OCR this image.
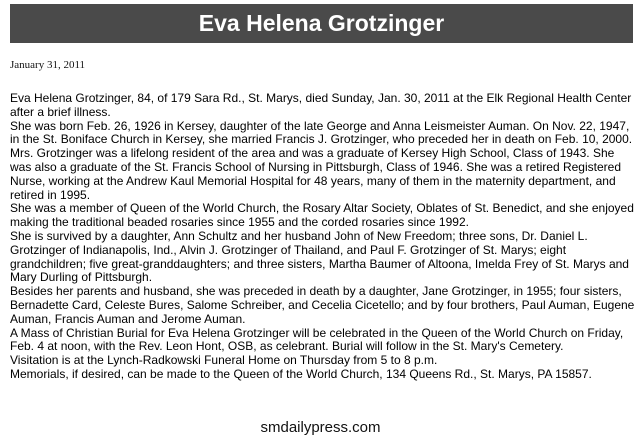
Eva Helena Grotzinger
January 31, 2011

Eva Helena Grotzinger, 84, of 179 Sara Rd., St. Marys, died Sunday, Jan. 30, 2011 at the Elk Regional Health Center after a brief illness.

She was born Feb. 26, 1926 in Kersey, daughter of the late George and Anna Leismeister Auman. On Nov. 22, 1947, in the St. Boniface Church in Kersey, she married Francis J. Grotzinger, who preceded her in death on Feb. 10, 2000.

Mrs. Grotzinger was a lifelong resident of the area and was a graduate of Kersey High School, Class of 1943. She was also a graduate of the St. Francis School of Nursing in Pittsburgh, Class of 1946. She was a retired Registered Nurse, working at the Andrew Kaul Memorial Hospital for 48 years, many of them in the maternity department, and retired in 1995.

She was a member of Queen of the World Church, the Rosary Altar Society, Oblates of St. Benedict, and she enjoyed making the traditional beaded rosaries since 1955 and the corded rosaries since 1992.

She is survived by a daughter, Ann Schultz and her husband John of New Freedom; three sons, Dr. Daniel L. Grotzinger of Indianapolis, Ind., Alvin J. Grotzinger of Thailand, and Paul F. Grotzinger of St. Marys; eight grandchildren; five great-granddaughters; and three sisters, Martha Baumer of Altoona, Imelda Frey of St. Marys and Mary Durling of Pittsburgh.

Besides her parents and husband, she was preceded in death by a daughter, Jane Grotzinger, in 1955; four sisters, Bernadette Card, Celeste Bures, Salome Schreiber, and Cecelia Cicetello; and by four brothers, Paul Auman, Eugene Auman, Francis Auman and Jerome Auman.

A Mass of Christian Burial for Eva Helena Grotzinger will be celebrated in the Queen of the World Church on Friday, Feb. 4 at noon, with the Rev. Leon Hont, OSB, as celebrant. Burial will follow in the St. Mary's Cemetery.

Visitation is at the Lynch-Radkowski Funeral Home on Thursday from 5 to 8 p.m.

Memorials, if desired, can be made to the Queen of the World Church, 134 Queens Rd., St. Marys, PA 15857.

smdailypress.com
